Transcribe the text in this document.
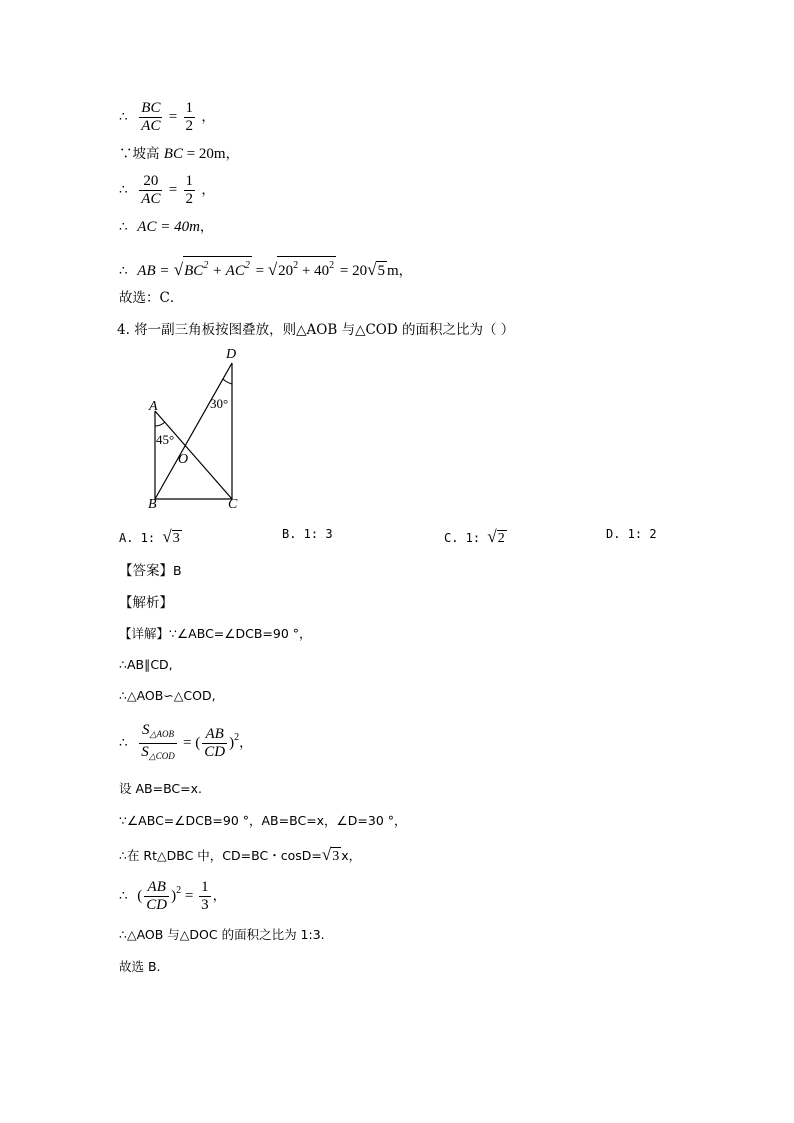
∴ $\frac{BC}{AC} = \frac{1}{2}$ ，
∵坡高 BC = 20m，
∴ $\frac{20}{AC} = \frac{1}{2}$ ，
∴ AC = 40m，
∴ AB = $√BC^2 + AC^2 = √20^2 + 40^2 = 20√5$ m，
故选：C．
4. 将一副三角板按图叠放，则△AOB 与△COD 的面积之比为（ ）
D
A	30°
45°
O
B	C
A. 1: √3	B. 1: 3	C. 1: √2	D. 1: 2
【答案】B
【解析】
【详解】∵∠ABC=∠DCB=90 °，
∴AB∥CD,
∴△AOB∽△COD,
∴ $\frac{S_{\triangle AOB}}{S_{\triangle COD}}$ = ( $\frac{AB}{CD} )^2$，
设 AB=BC=x.
∵∠ABC=∠DCB=90 °，AB=BC=x，∠D=30 °，
∴在 Rt△DBC 中，CD=BC・cosD=√3 x，
∴ ( $\frac{AB}{CD} )^2 = \frac{1}{3}$ ，
∴△AOB 与△DOC 的面积之比为 1:3.
故选 B.
